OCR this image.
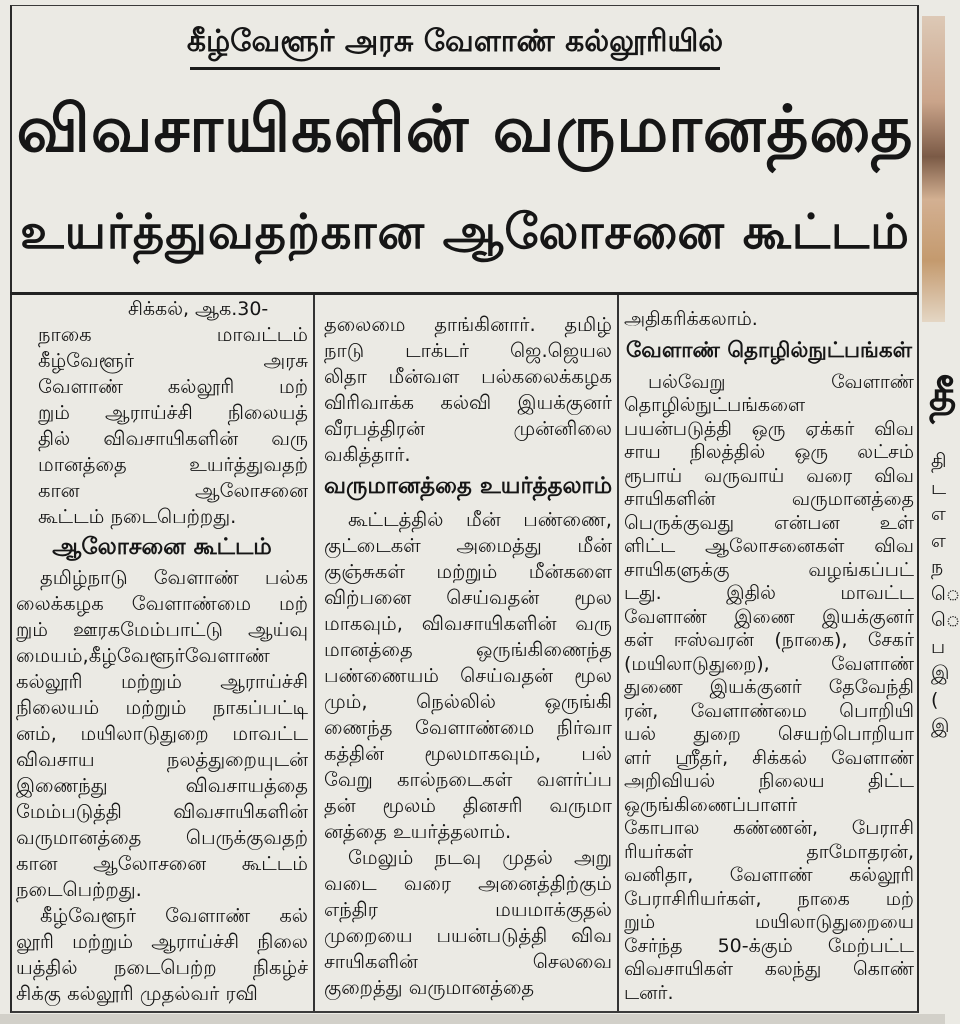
கீழ்வேளூர் அரசு வேளாண் கல்லூரியில்
விவசாயிகளின் வருமானத்தை
உயர்த்துவதற்கான ஆலோசனை கூட்டம்
சிக்கல், ஆக.30-
நாகை மாவட்டம்
கீழ்வேளூர் அரசு
வேளாண் கல்லூரி மற்
றும் ஆராய்ச்சி நிலையத்
தில் விவசாயிகளின் வரு
மானத்தை உயர்த்துவதற்
கான ஆலோசனை
கூட்டம் நடைபெற்றது.
ஆலோசனை கூட்டம்
தமிழ்நாடு வேளாண் பல்க
லைக்கழக வேளாண்மை மற்
றும் ஊரகமேம்பாட்டு ஆய்வு
மையம்,கீழ்வேளூர்வேளாண்
கல்லூரி மற்றும் ஆராய்ச்சி
நிலையம் மற்றும் நாகப்பட்டி
னம், மயிலாடுதுறை மாவட்ட
விவசாய நலத்துறையுடன்
இணைந்து விவசாயத்தை
மேம்படுத்தி விவசாயிகளின்
வருமானத்தை பெருக்குவதற்
கான ஆலோசனை கூட்டம்
நடைபெற்றது.
கீழ்வேளூர் வேளாண் கல்
லூரி மற்றும் ஆராய்ச்சி நிலை
யத்தில் நடைபெற்ற நிகழ்ச்
சிக்கு கல்லூரி முதல்வர் ரவி
தலைமை தாங்கினார். தமிழ்
நாடு டாக்டர் ஜெ.ஜெயல
லிதா மீன்வள பல்கலைக்கழக
விரிவாக்க கல்வி இயக்குனர்
வீரபத்திரன் முன்னிலை
வகித்தார்.
வருமானத்தை உயர்த்தலாம்
கூட்டத்தில் மீன் பண்ணை,
குட்டைகள் அமைத்து மீன்
குஞ்சுகள் மற்றும் மீன்களை
விற்பனை செய்வதன் மூல
மாகவும், விவசாயிகளின் வரு
மானத்தை ஒருங்கிணைந்த
பண்ணையம் செய்வதன் மூல
மும், நெல்லில் ஒருங்கி
ணைந்த வேளாண்மை நிர்வா
கத்தின் மூலமாகவும், பல்
வேறு கால்நடைகள் வளர்ப்ப
தன் மூலம் தினசரி வருமா
னத்தை உயர்த்தலாம்.
மேலும் நடவு முதல் அறு
வடை வரை அனைத்திற்கும்
எந்திர மயமாக்குதல்
முறையை பயன்படுத்தி விவ
சாயிகளின் செலவை
குறைத்து வருமானத்தை
அதிகரிக்கலாம்.
வேளாண் தொழில்நுட்பங்கள்
பல்வேறு வேளாண்
தொழில்நுட்பங்களை
பயன்படுத்தி ஒரு ஏக்கர் விவ
சாய நிலத்தில் ஒரு லட்சம்
ரூபாய் வருவாய் வரை விவ
சாயிகளின் வருமானத்தை
பெருக்குவது என்பன உள்
ளிட்ட ஆலோசனைகள் விவ
சாயிகளுக்கு வழங்கப்பட்
டது. இதில் மாவட்ட
வேளாண் இணை இயக்குனர்
கள் ஈஸ்வரன் (நாகை), சேகர்
(மயிலாடுதுறை), வேளாண்
துணை இயக்குனர் தேவேந்தி
ரன், வேளாண்மை பொறியி
யல் துறை செயற்பொறியா
ளர் ஸ்ரீதர், சிக்கல் வேளாண்
அறிவியல் நிலைய திட்ட
ஒருங்கிணைப்பாளர்
கோபால கண்ணன், பேராசி
ரியர்கள் தாமோதரன்,
வனிதா, வேளாண் கல்லூரி
பேராசிரியர்கள், நாகை மற்
றும் மயிலாடுதுறையை
சேர்ந்த 50-க்கும் மேற்பட்ட
விவசாயிகள் கலந்து கொண்
டனர்.
தீ
தி
ட
எ
எ
ந
ெ
ெ
ப
இ
(
இ
